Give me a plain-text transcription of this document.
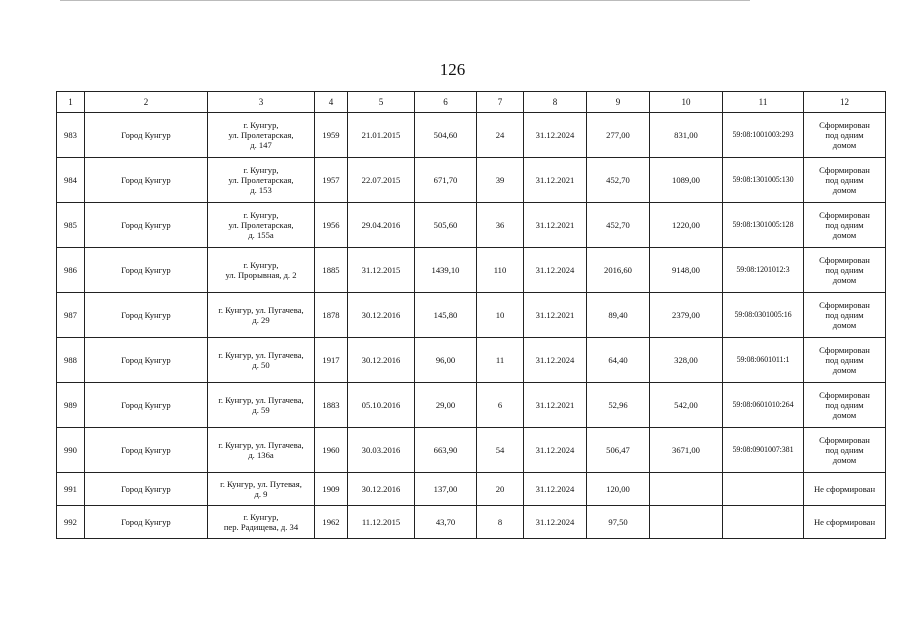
126
1	2	3	4	5	6	7	8	9	10	11	12
983	Город Кунгур	г. Кунгур,
ул. Пролетарская,
д. 147	1959	21.01.2015	504,60	24	31.12.2024	277,00	831,00	59:08:1001003:293	Сформирован
под одним
домом
984	Город Кунгур	г. Кунгур,
ул. Пролетарская,
д. 153	1957	22.07.2015	671,70	39	31.12.2021	452,70	1089,00	59:08:1301005:130	Сформирован
под одним
домом
985	Город Кунгур	г. Кунгур,
ул. Пролетарская,
д. 155а	1956	29.04.2016	505,60	36	31.12.2021	452,70	1220,00	59:08:1301005:128	Сформирован
под одним
домом
986	Город Кунгур	г. Кунгур,
ул. Прорывная, д. 2	1885	31.12.2015	1439,10	110	31.12.2024	2016,60	9148,00	59:08:1201012:3	Сформирован
под одним
домом
987	Город Кунгур	г. Кунгур, ул. Пугачева,
д. 29	1878	30.12.2016	145,80	10	31.12.2021	89,40	2379,00	59:08:0301005:16	Сформирован
под одним
домом
988	Город Кунгур	г. Кунгур, ул. Пугачева,
д. 50	1917	30.12.2016	96,00	11	31.12.2024	64,40	328,00	59:08:0601011:1	Сформирован
под одним
домом
989	Город Кунгур	г. Кунгур, ул. Пугачева,
д. 59	1883	05.10.2016	29,00	6	31.12.2021	52,96	542,00	59:08:0601010:264	Сформирован
под одним
домом
990	Город Кунгур	г. Кунгур, ул. Пугачева,
д. 136а	1960	30.03.2016	663,90	54	31.12.2024	506,47	3671,00	59:08:0901007:381	Сформирован
под одним
домом
991	Город Кунгур	г. Кунгур, ул. Путевая,
д. 9	1909	30.12.2016	137,00	20	31.12.2024	120,00			Не сформирован
992	Город Кунгур	г. Кунгур,
пер. Радищева, д. 34	1962	11.12.2015	43,70	8	31.12.2024	97,50			Не сформирован
